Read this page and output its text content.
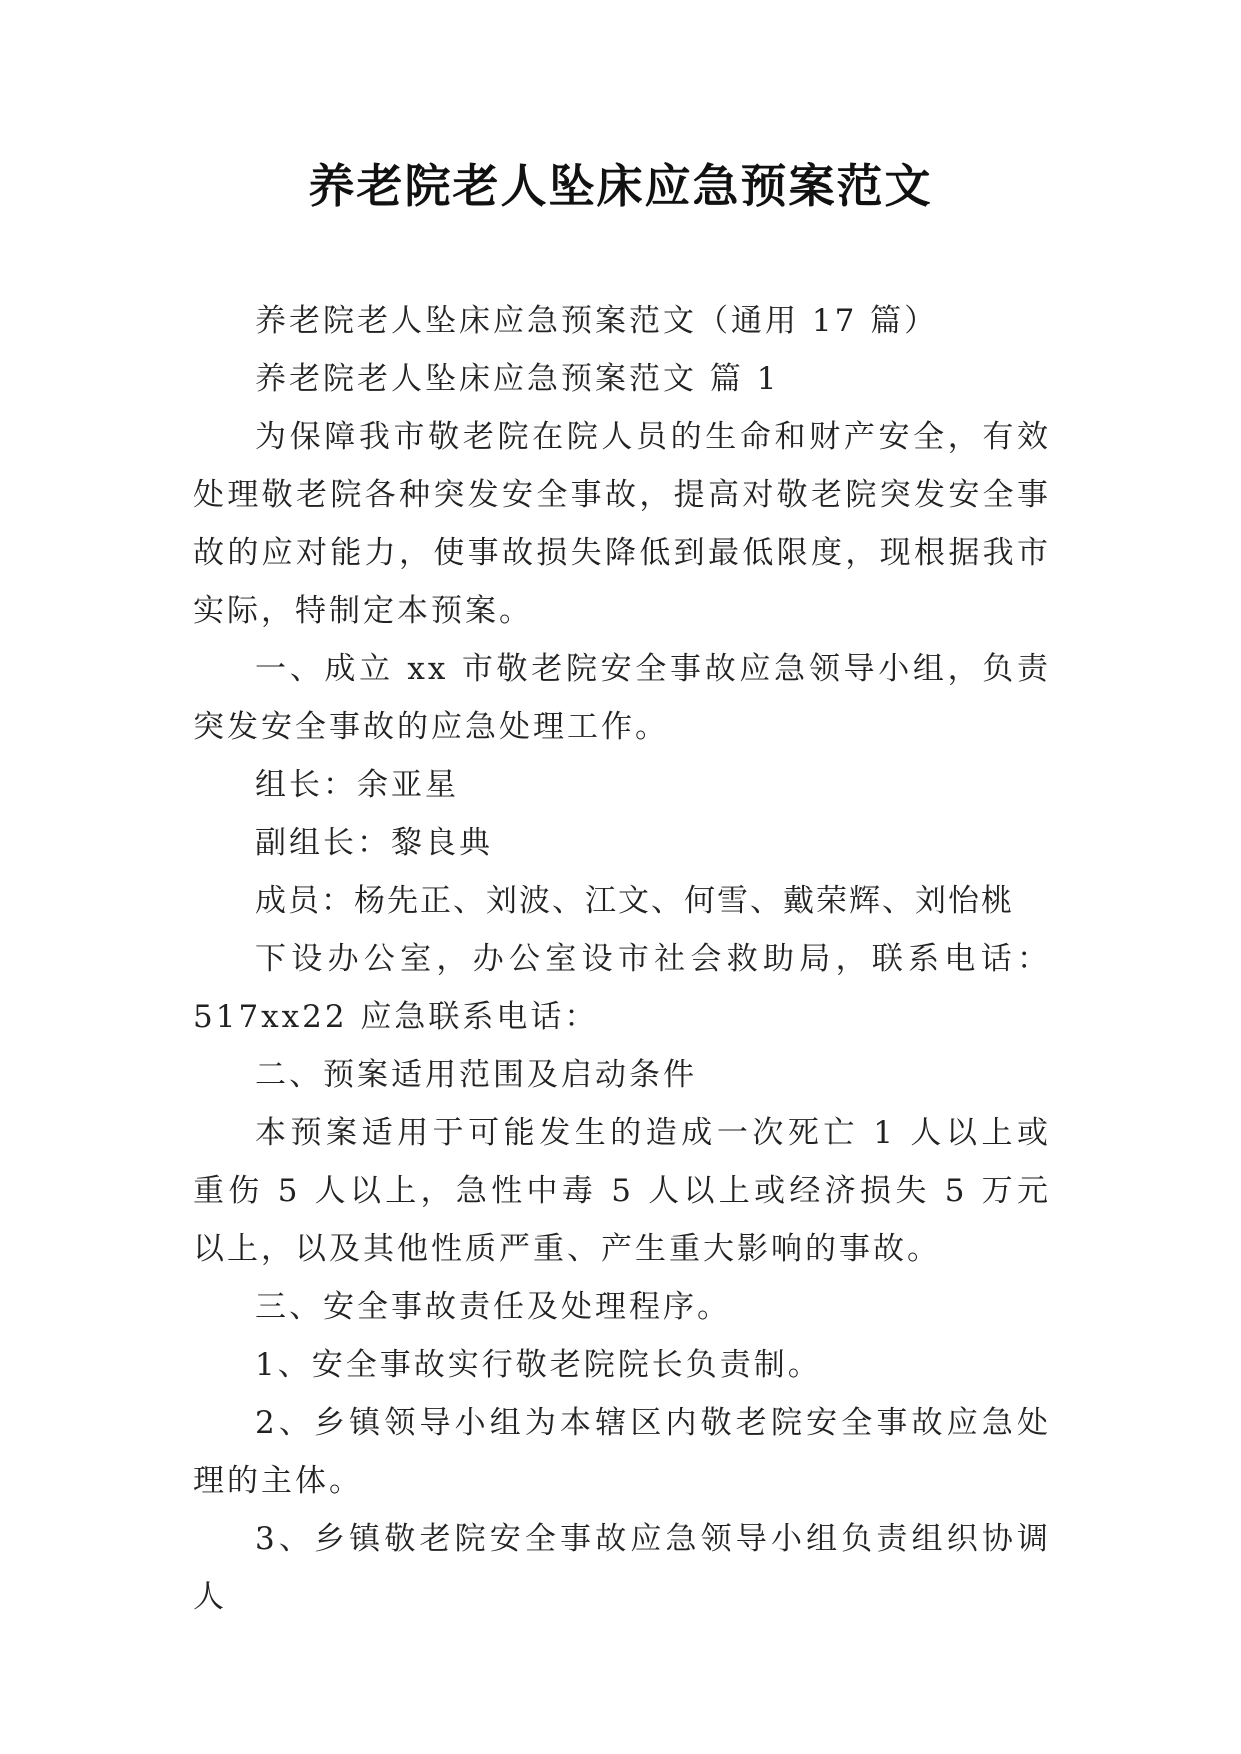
养老院老人坠床应急预案范文

养老院老人坠床应急预案范文（通用 17 篇）

养老院老人坠床应急预案范文 篇 1

为保障我市敬老院在院人员的生命和财产安全，有效处理敬老院各种突发安全事故，提高对敬老院突发安全事故的应对能力，使事故损失降低到最低限度，现根据我市实际，特制定本预案。

一、成立 xx 市敬老院安全事故应急领导小组，负责突发安全事故的应急处理工作。

组长：余亚星

副组长：黎良典

成员：杨先正、刘波、江文、何雪、戴荣辉、刘怡桃

下设办公室，办公室设市社会救助局，联系电话：517xx22 应急联系电话：

二、预案适用范围及启动条件

本预案适用于可能发生的造成一次死亡 1 人以上或重伤 5 人以上，急性中毒 5 人以上或经济损失 5 万元以上，以及其他性质严重、产生重大影响的事故。

三、安全事故责任及处理程序。

1、安全事故实行敬老院院长负责制。

2、乡镇领导小组为本辖区内敬老院安全事故应急处理的主体。

3、乡镇敬老院安全事故应急领导小组负责组织协调人
